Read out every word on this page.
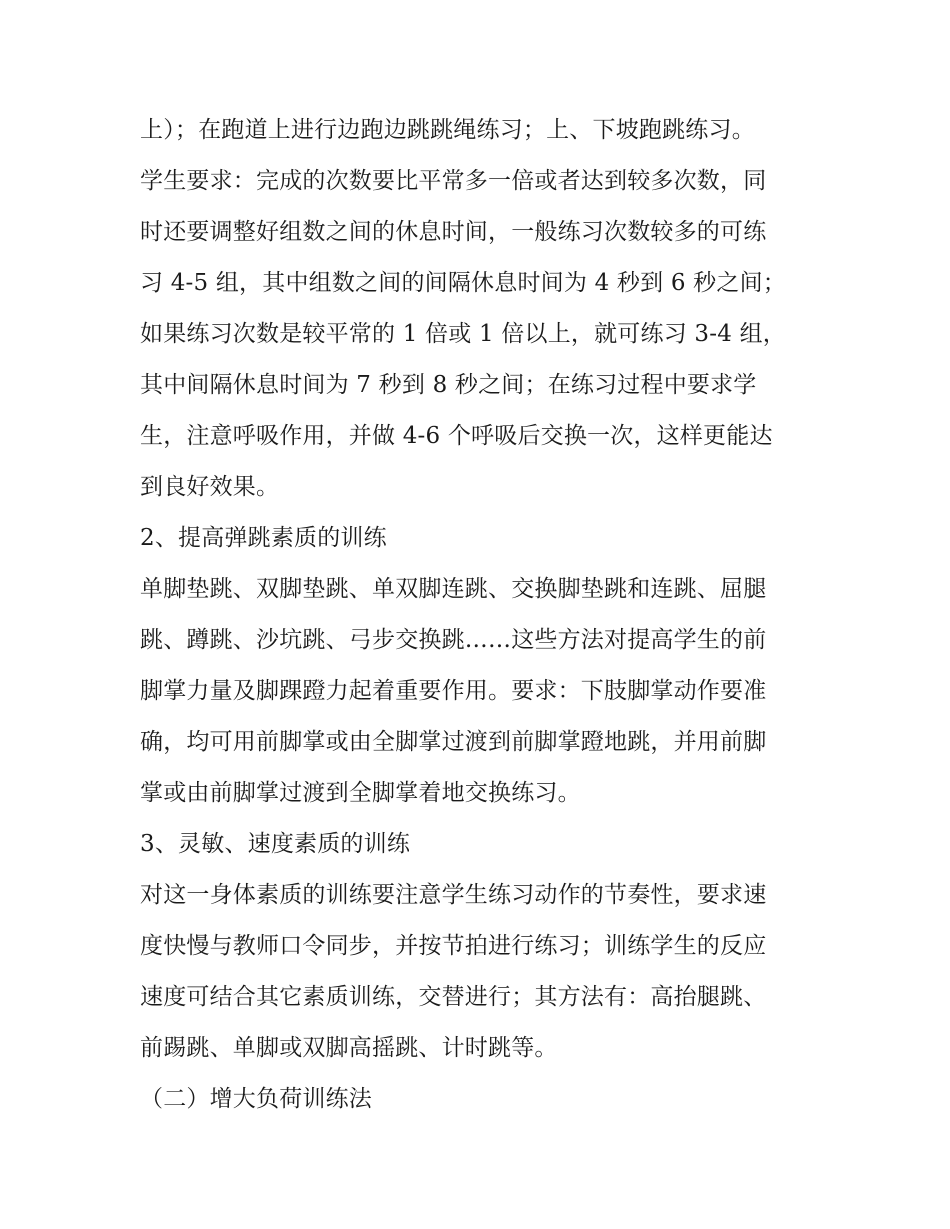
上）；在跑道上进行边跑边跳跳绳练习；上、下坡跑跳练习。
学生要求：完成的次数要比平常多一倍或者达到较多次数，同
时还要调整好组数之间的休息时间，一般练习次数较多的可练
习 4-5 组，其中组数之间的间隔休息时间为 4 秒到 6 秒之间；
如果练习次数是较平常的 1 倍或 1 倍以上，就可练习 3-4 组，
其中间隔休息时间为 7 秒到 8 秒之间；在练习过程中要求学
生，注意呼吸作用，并做 4-6 个呼吸后交换一次，这样更能达
到良好效果。
2、提高弹跳素质的训练
单脚垫跳、双脚垫跳、单双脚连跳、交换脚垫跳和连跳、屈腿
跳、蹲跳、沙坑跳、弓步交换跳……这些方法对提高学生的前
脚掌力量及脚踝蹬力起着重要作用。要求：下肢脚掌动作要准
确，均可用前脚掌或由全脚掌过渡到前脚掌蹬地跳，并用前脚
掌或由前脚掌过渡到全脚掌着地交换练习。
3、灵敏、速度素质的训练
对这一身体素质的训练要注意学生练习动作的节奏性，要求速
度快慢与教师口令同步，并按节拍进行练习；训练学生的反应
速度可结合其它素质训练，交替进行；其方法有：高抬腿跳、
前踢跳、单脚或双脚高摇跳、计时跳等。
（二）增大负荷训练法
